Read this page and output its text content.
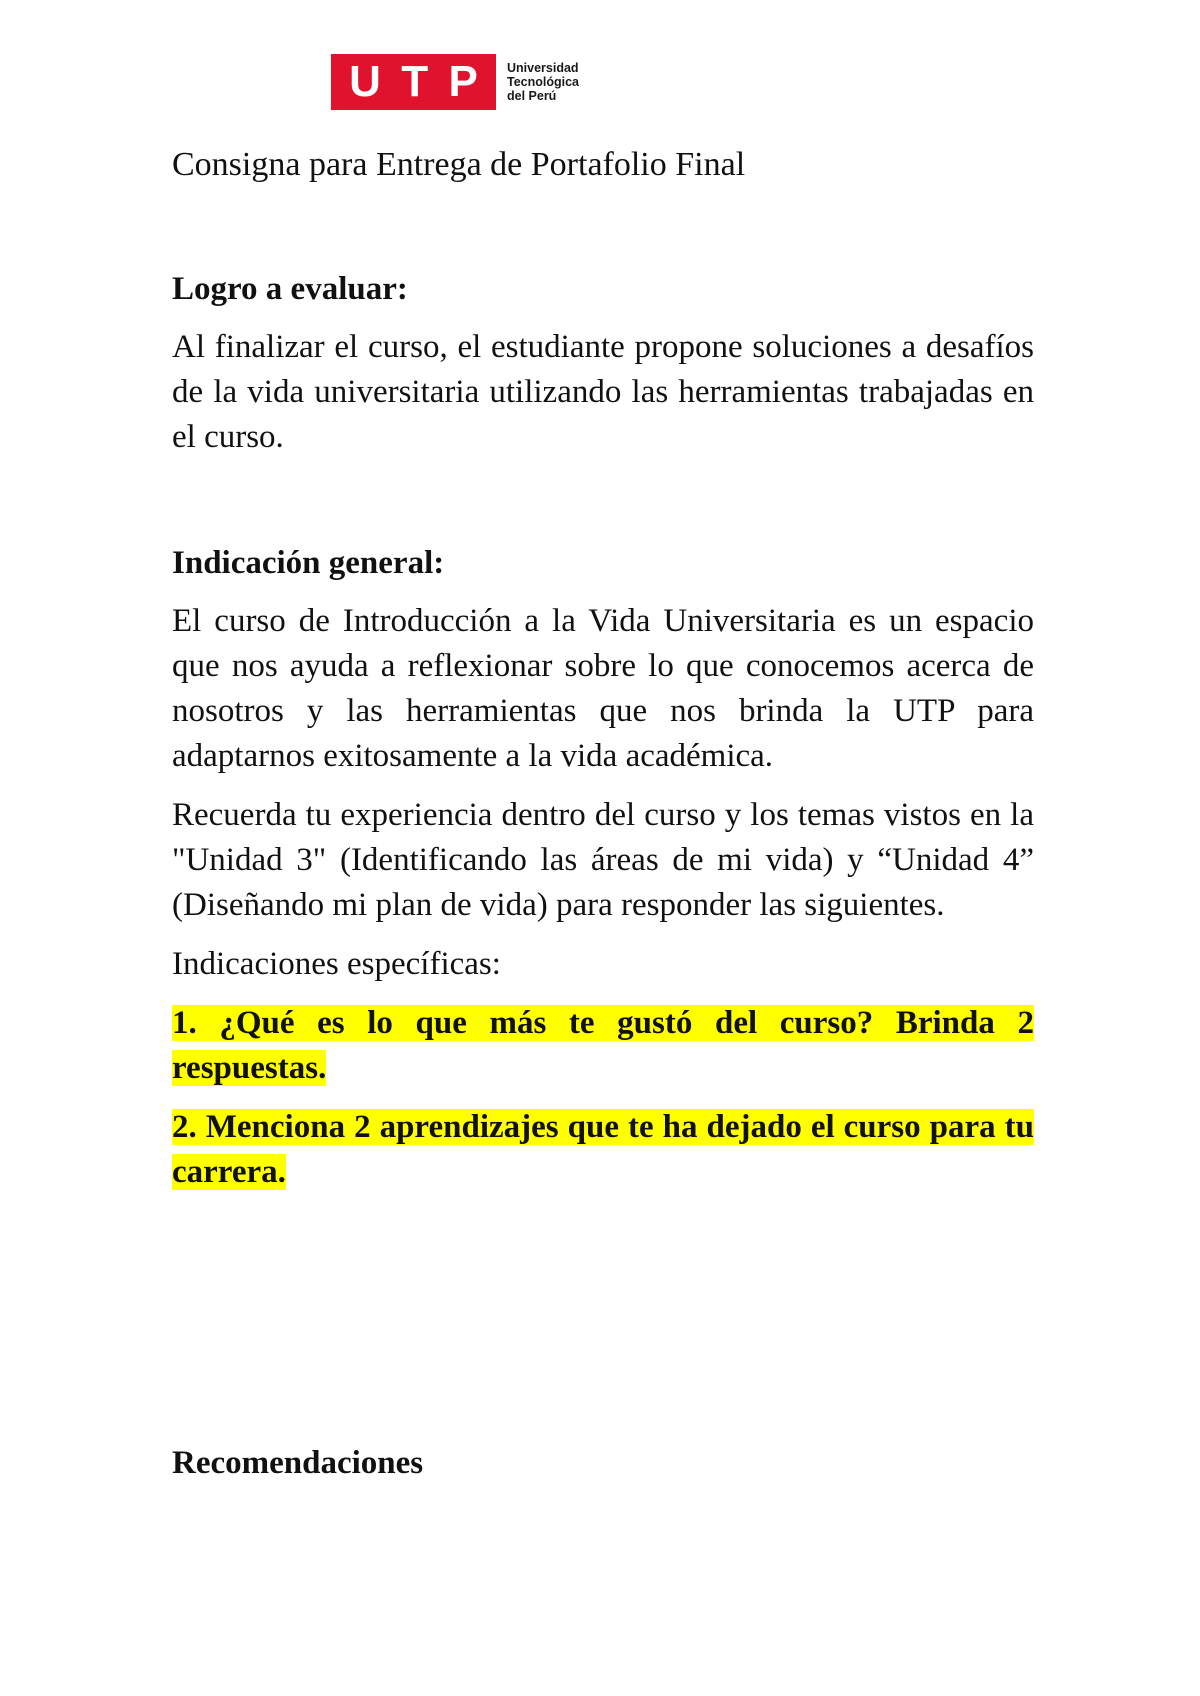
U T P Universidad
Tecnológica
del Perú
Consigna para Entrega de Portafolio Final

Logro a evaluar:

Al finalizar el curso, el estudiante propone soluciones a desafíos de la vida universitaria utilizando las herramientas trabajadas en el curso.

Indicación general:

El curso de Introducción a la Vida Universitaria es un espacio que nos ayuda a reflexionar sobre lo que conocemos acerca de nosotros y las herramientas que nos brinda la UTP para adaptarnos exitosamente a la vida académica.

Recuerda tu experiencia dentro del curso y los temas vistos en la "Unidad 3" (Identificando las áreas de mi vida) y “Unidad 4” (Diseñando mi plan de vida) para responder las siguientes.

Indicaciones específicas:

1. ¿Qué es lo que más te gustó del curso? Brinda 2 respuestas.

2. Menciona 2 aprendizajes que te ha dejado el curso para tu carrera.

Recomendaciones
